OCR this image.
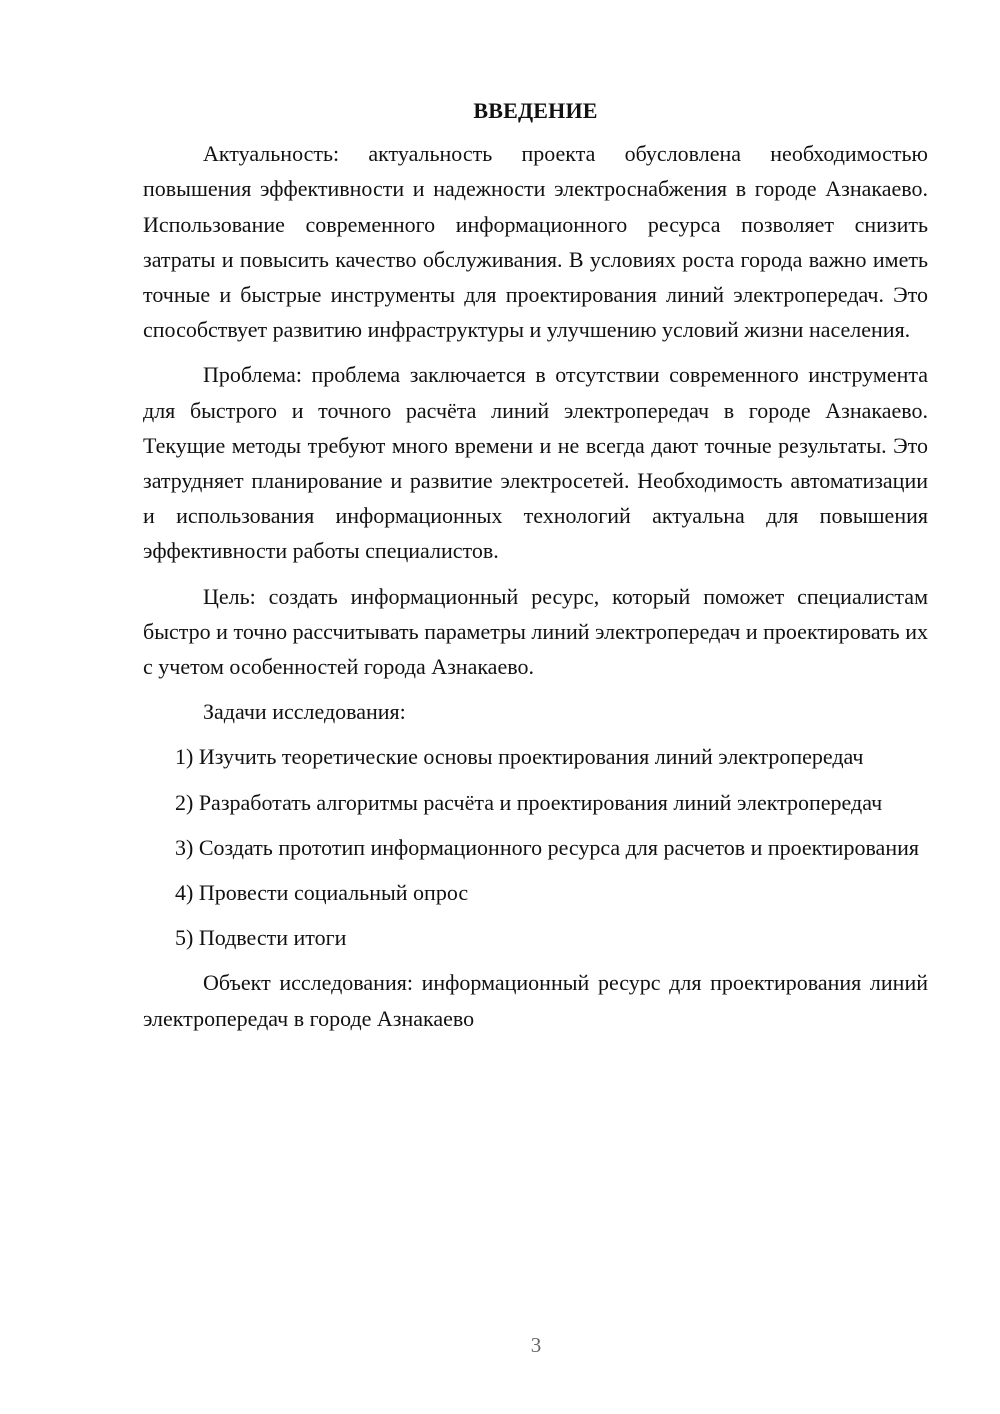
ВВЕДЕНИЕ

Актуальность: актуальность проекта обусловлена необходимостью повышения эффективности и надежности электроснабжения в городе Азнакаево. Использование современного информационного ресурса позволяет снизить затраты и повысить качество обслуживания. В условиях роста города важно иметь точные и быстрые инструменты для проектирования линий электропередач. Это способствует развитию инфраструктуры и улучшению условий жизни населения.

Проблема: проблема заключается в отсутствии современного инструмента для быстрого и точного расчёта линий электропередач в городе Азнакаево. Текущие методы требуют много времени и не всегда дают точные результаты. Это затрудняет планирование и развитие электросетей. Необходимость автоматизации и использования информационных технологий актуальна для повышения эффективности работы специалистов.

Цель: создать информационный ресурс, который поможет специалистам быстро и точно рассчитывать параметры линий электропередач и проектировать их с учетом особенностей города Азнакаево.

Задачи исследования:

1) Изучить теоретические основы проектирования линий электропередач

2) Разработать алгоритмы расчёта и проектирования линий электропередач

3) Создать прототип информационного ресурса для расчетов и проектирования

4) Провести социальный опрос

5) Подвести итоги

Объект исследования: информационный ресурс для проектирования линий электропередач в городе Азнакаево

3
